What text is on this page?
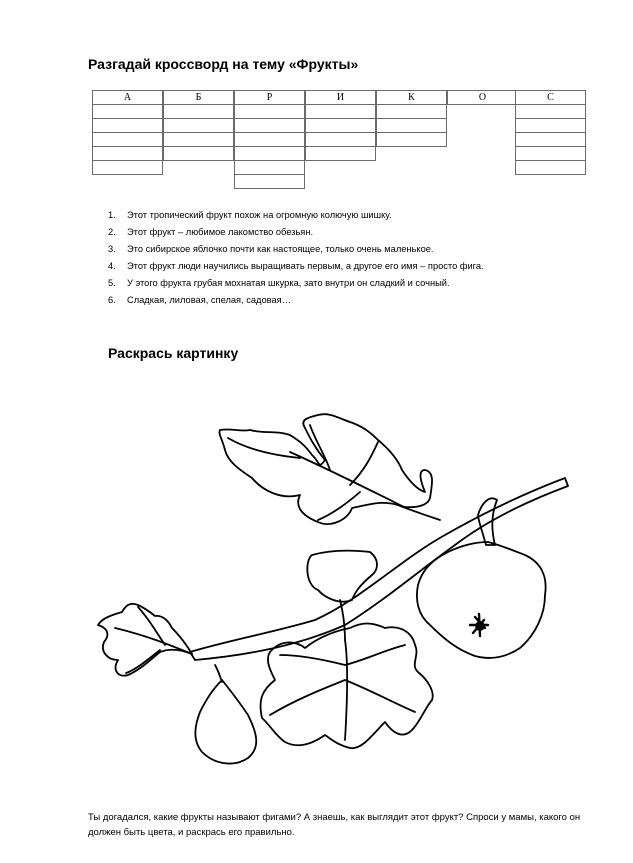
Разгадай кроссворд на тему «Фрукты»
А	Б	Р	И	К	О	С
1. Этот тропический фрукт похож на огромную колючую шишку.
2. Этот фрукт – любимое лакомство обезьян.
3. Это сибирское яблочко почти как настоящее, только очень маленькое.
4. Этот фрукт люди научились выращивать первым, а другое его имя – просто фига.
5. У этого фрукта грубая мохнатая шкурка, зато внутри он сладкий и сочный.
6. Сладкая, лиловая, спелая, садовая…
Раскрась картинку
Ты догадался, какие фрукты называют фигами? А знаешь, как выглядит этот фрукт? Спроси у мамы, какого он должен быть цвета, и раскрась его правильно.
